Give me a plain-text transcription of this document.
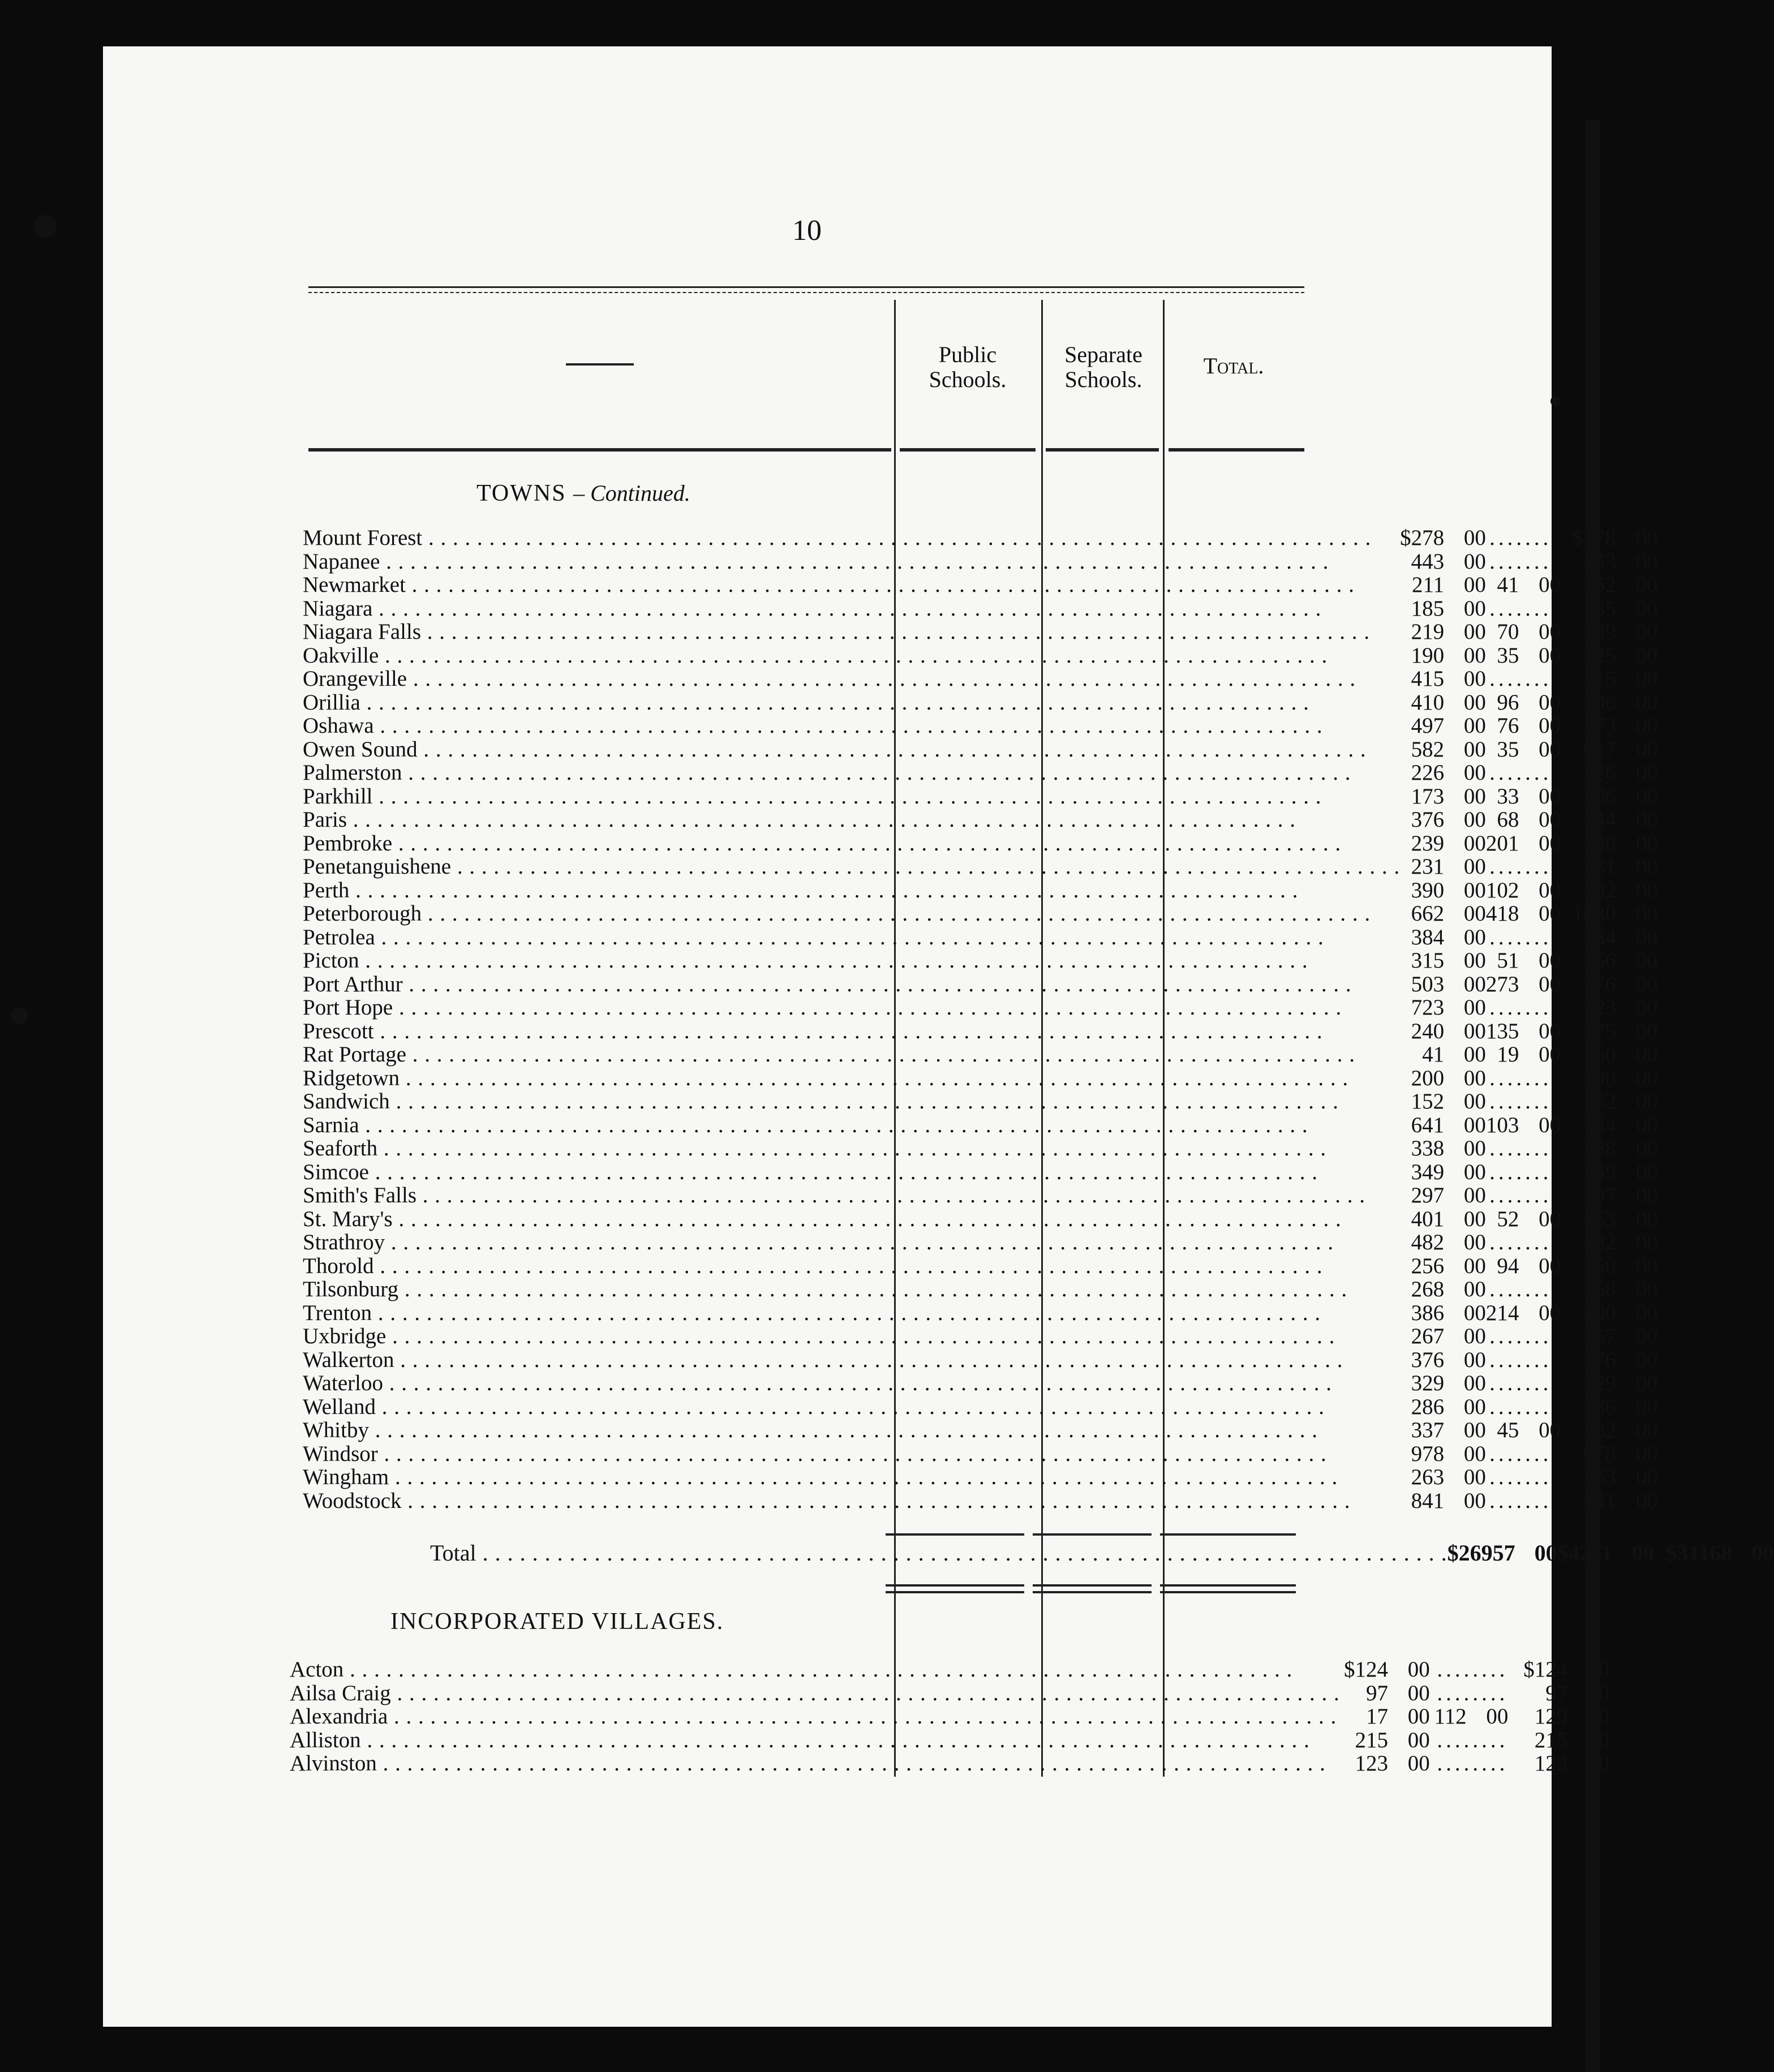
10
Public
Schools.
Separate
Schools.
Total.
TOWNS – Continued.
Mount Forest . . .	$278 00	........	$278 00
Napanee . . .	443 00	........	443 00
Newmarket . . .	211 00	41 00	252 00
Niagara . . .	185 00	........	185 00
Niagara Falls . . .	219 00	70 00	289 00
Oakville . . .	190 00	35 00	225 00
Orangeville . . .	415 00	........	415 00
Orillia . . .	410 00	96 00	506 00
Oshawa . . .	497 00	76 00	573 00
Owen Sound . . .	582 00	35 00	617 00
Palmerston . . .	226 00	........	226 00
Parkhill . . .	173 00	33 00	206 00
Paris . . .	376 00	68 00	444 00
Pembroke . . .	239 00	201 00	440 00
Penetanguishene . . .	231 00	........	231 00
Perth . . .	390 00	102 00	492 00
Peterborough . . .	662 00	418 00	1080 00
Petrolea . . .	384 00	........	384 00
Picton . . .	315 00	51 00	366 00
Port Arthur . . .	503 00	273 00	776 00
Port Hope . . .	723 00	........	723 00
Prescott . . .	240 00	135 00	375 00
Rat Portage . . .	41 00	19 00	60 00
Ridgetown . . .	200 00	........	200 00
Sandwich . . .	152 00	........	152 00
Sarnia . . .	641 00	103 00	744 00
Seaforth . . .	338 00	........	338 00
Simcoe . . .	349 00	........	349 00
Smith's Falls . . .	297 00	........	297 00
St. Mary's . . .	401 00	52 00	453 00
Strathroy . . .	482 00	........	482 00
Thorold . . .	256 00	94 00	350 00
Tilsonburg . . .	268 00	........	268 00
Trenton . . .	386 00	214 00	600 00
Uxbridge . . .	267 00	........	267 00
Walkerton . . .	376 00	........	376 00
Waterloo . . .	329 00	........	329 00
Welland . . .	286 00	........	286 00
Whitby . . .	337 00	45 00	382 00
Windsor . . .	978 00	........	978 00
Wingham . . .	263 00	........	263 00
Woodstock . . .	841 00	........	841 00
Total . . .	$26957 00	$4211 00	$31168 00
INCORPORATED VILLAGES.
Acton . . .	$124 00	........	$124 00
Ailsa Craig . . .	97 00	........	97 00
Alexandria . . .	17 00	112 00	129 00
Alliston . . .	215 00	........	215 00
Alvinston . . .	123 00	........	123 00
